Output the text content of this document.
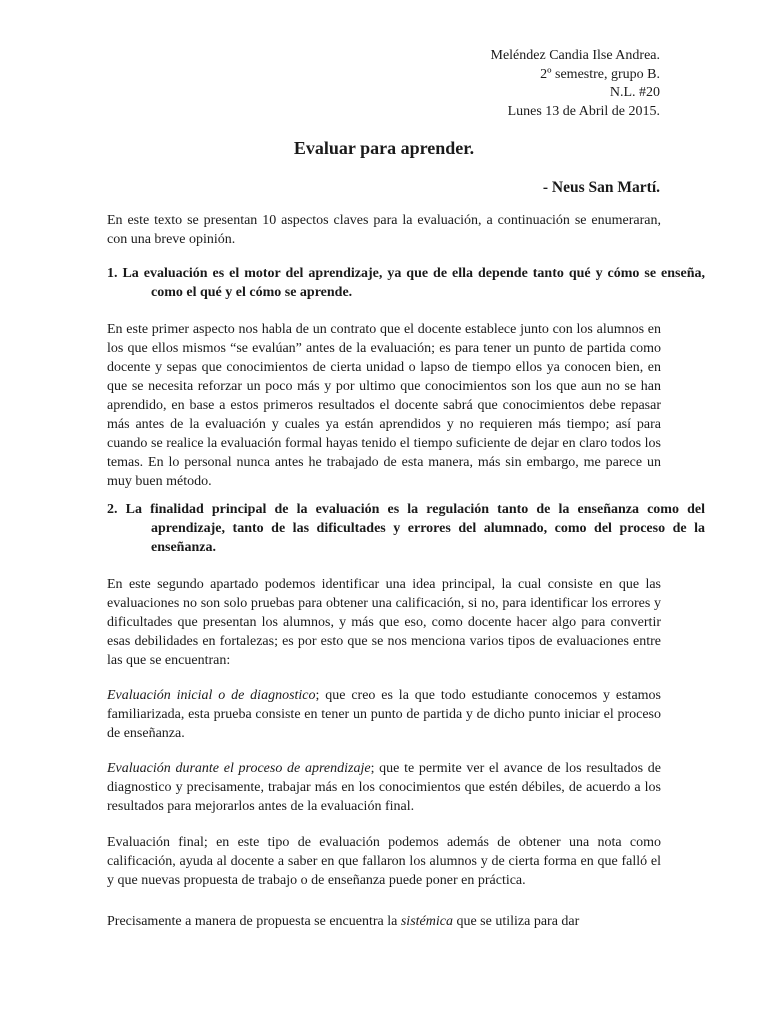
Meléndez Candia Ilse Andrea.
2º semestre, grupo B.
N.L. #20
Lunes 13 de Abril de 2015.
Evaluar para aprender.
- Neus San Martí.

En este texto se presentan 10 aspectos claves para la evaluación, a continuación se enumeraran, con una breve opinión.

1. La evaluación es el motor del aprendizaje, ya que de ella depende tanto qué y cómo se enseña, como el qué y el cómo se aprende.

En este primer aspecto nos habla de un contrato que el docente establece junto con los alumnos en los que ellos mismos “se evalúan” antes de la evaluación; es para tener un punto de partida como docente y sepas que conocimientos de cierta unidad o lapso de tiempo ellos ya conocen bien, en que se necesita reforzar un poco más y por ultimo que conocimientos son los que aun no se han aprendido, en base a estos primeros resultados el docente sabrá que conocimientos debe repasar más antes de la evaluación y cuales ya están aprendidos y no requieren más tiempo; así para cuando se realice la evaluación formal hayas tenido el tiempo suficiente de dejar en claro todos los temas. En lo personal nunca antes he trabajado de esta manera, más sin embargo, me parece un muy buen método.

2. La finalidad principal de la evaluación es la regulación tanto de la enseñanza como del aprendizaje, tanto de las dificultades y errores del alumnado, como del proceso de la enseñanza.

En este segundo apartado podemos identificar una idea principal, la cual consiste en que las evaluaciones no son solo pruebas para obtener una calificación, si no, para identificar los errores y dificultades que presentan los alumnos, y más que eso, como docente hacer algo para convertir esas debilidades en fortalezas; es por esto que se nos menciona varios tipos de evaluaciones entre las que se encuentran:

Evaluación inicial o de diagnostico; que creo es la que todo estudiante conocemos y estamos familiarizada, esta prueba consiste en tener un punto de partida y de dicho punto iniciar el proceso de enseñanza.

Evaluación durante el proceso de aprendizaje; que te permite ver el avance de los resultados de diagnostico y precisamente, trabajar más en los conocimientos que estén débiles, de acuerdo a los resultados para mejorarlos antes de la evaluación final.

Evaluación final; en este tipo de evaluación podemos además de obtener una nota como calificación, ayuda al docente a saber en que fallaron los alumnos y de cierta forma en que falló el y que nuevas propuesta de trabajo o de enseñanza puede poner en práctica.

Precisamente a manera de propuesta se encuentra la sistémica que se utiliza para dar
